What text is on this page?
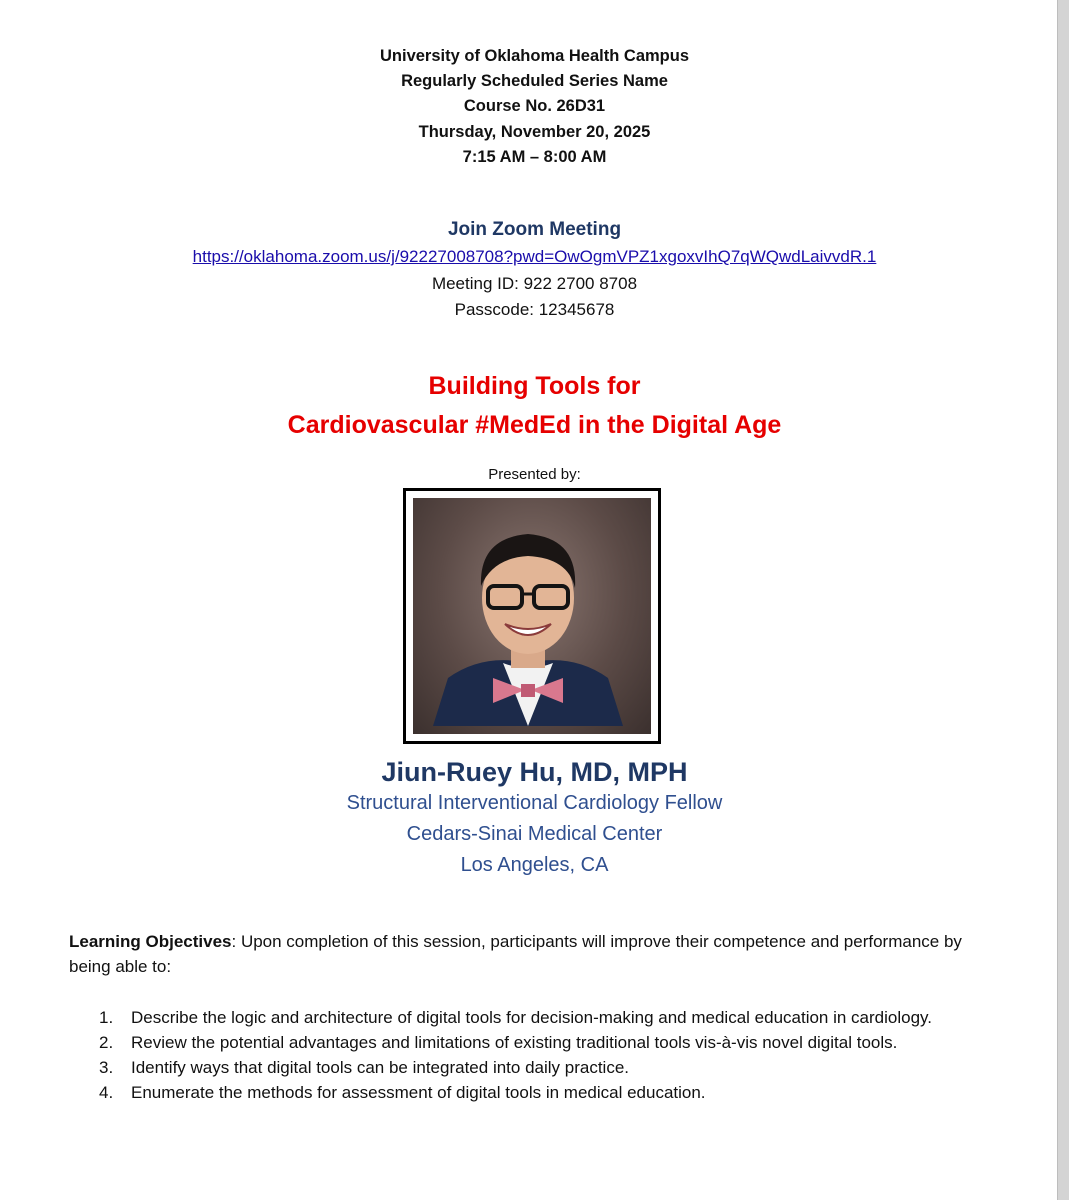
University of Oklahoma Health Campus
Regularly Scheduled Series Name
Course No. 26D31
Thursday, November 20, 2025
7:15 AM – 8:00 AM
Join Zoom Meeting
https://oklahoma.zoom.us/j/92227008708?pwd=OwOgmVPZ1xgoxvIhQ7qWQwdLaivvdR.1
Meeting ID: 922 2700 8708
Passcode: 12345678
Building Tools for
Cardiovascular #MedEd in the Digital Age
Presented by:
Jiun-Ruey Hu, MD, MPH
Structural Interventional Cardiology Fellow
Cedars-Sinai Medical Center
Los Angeles, CA
Learning Objectives: Upon completion of this session, participants will improve their competence and performance by being able to:
1. Describe the logic and architecture of digital tools for decision-making and medical education in cardiology.
2. Review the potential advantages and limitations of existing traditional tools vis-à-vis novel digital tools.
3. Identify ways that digital tools can be integrated into daily practice.
4. Enumerate the methods for assessment of digital tools in medical education.
